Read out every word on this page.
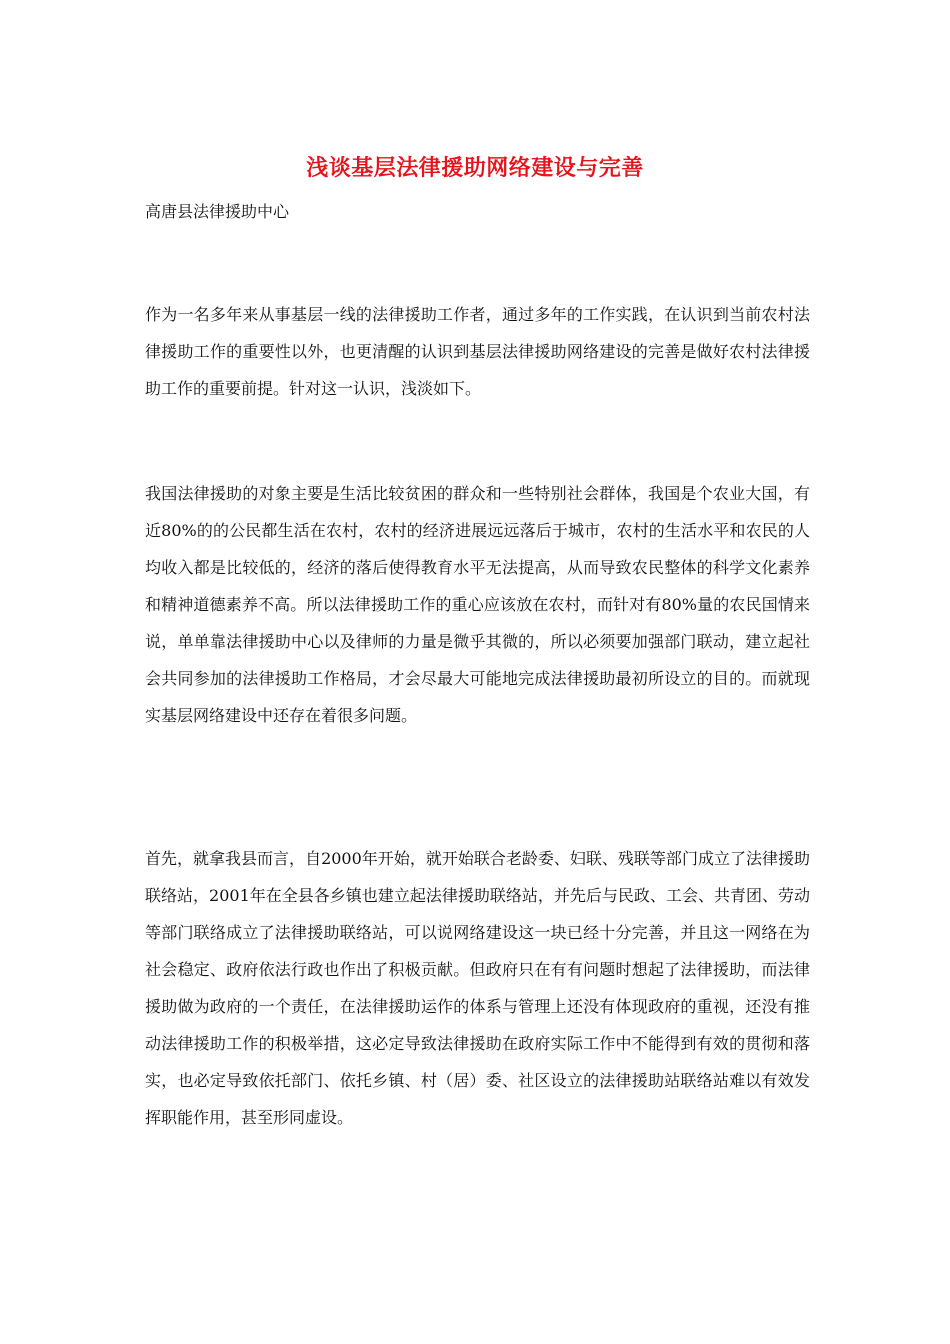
浅谈基层法律援助网络建设与完善
高唐县法律援助中心

作为一名多年来从事基层一线的法律援助工作者，通过多年的工作实践，在认识到当前农村法律援助工作的重要性以外，也更清醒的认识到基层法律援助网络建设的完善是做好农村法律援助工作的重要前提。针对这一认识，浅淡如下。

我国法律援助的对象主要是生活比较贫困的群众和一些特别社会群体，我国是个农业大国，有近80%的的公民都生活在农村，农村的经济进展远远落后于城市，农村的生活水平和农民的人均收入都是比较低的，经济的落后使得教育水平无法提高，从而导致农民整体的科学文化素养和精神道德素养不高。所以法律援助工作的重心应该放在农村，而针对有80%量的农民国情来说，单单靠法律援助中心以及律师的力量是微乎其微的，所以必须要加强部门联动，建立起社会共同参加的法律援助工作格局，才会尽最大可能地完成法律援助最初所设立的目的。而就现实基层网络建设中还存在着很多问题。

首先，就拿我县而言，自2000年开始，就开始联合老龄委、妇联、残联等部门成立了法律援助联络站，2001年在全县各乡镇也建立起法律援助联络站，并先后与民政、工会、共青团、劳动等部门联络成立了法律援助联络站，可以说网络建设这一块已经十分完善，并且这一网络在为社会稳定、政府依法行政也作出了积极贡献。但政府只在有有问题时想起了法律援助，而法律援助做为政府的一个责任，在法律援助运作的体系与管理上还没有体现政府的重视，还没有推动法律援助工作的积极举措，这必定导致法律援助在政府实际工作中不能得到有效的贯彻和落实，也必定导致依托部门、依托乡镇、村（居）委、社区设立的法律援助站联络站难以有效发挥职能作用，甚至形同虚设。
